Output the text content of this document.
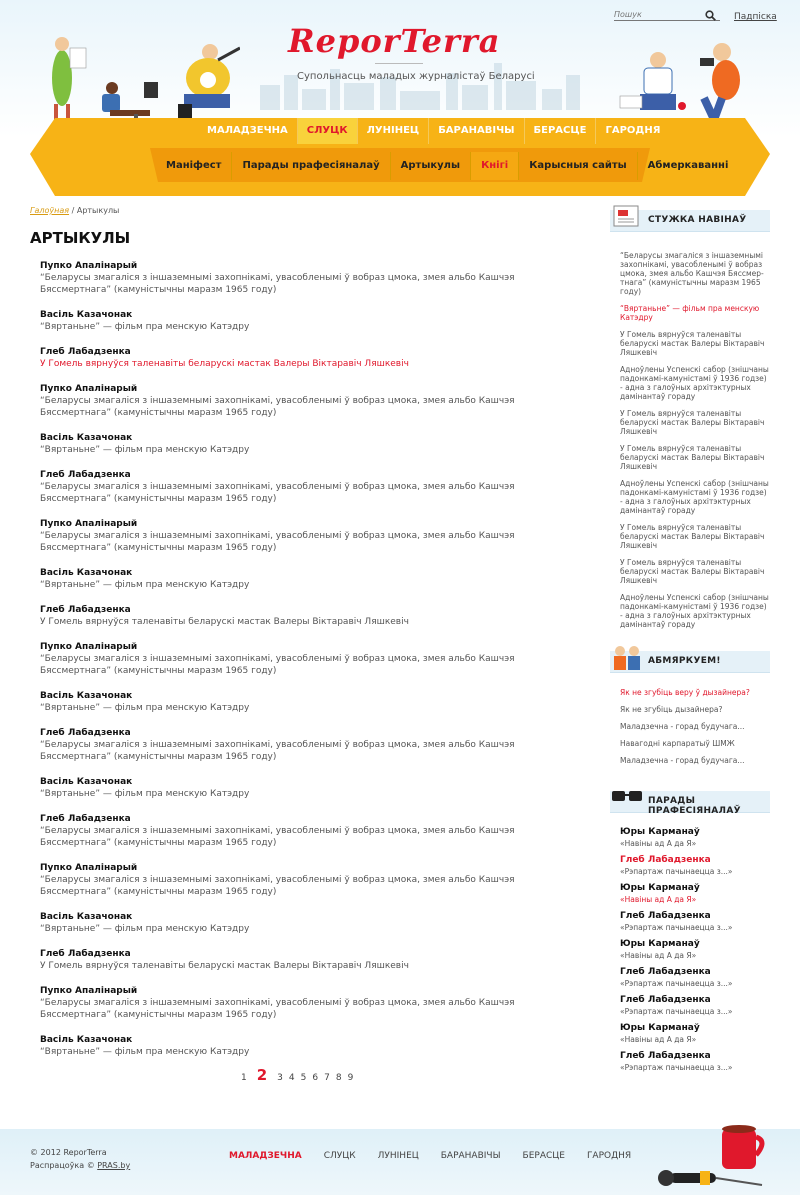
Пошук
Падпіска
ReporTerra
Супольнасць маладых журналістаў Беларусі
МАЛАДЗЕЧНА	СЛУЦК	ЛУНІНЕЦ	БАРАНАВІЧЫ	БЕРАСЦЕ	ГАРОДНЯ
Маніфест	Парады прафесіяналаў	Артыкулы	Кнігі	Карысныя сайты	Абмеркаванні
Галоўная / Артыкулы
АРТЫКУЛЫ
Пупко Апалінарый
“Беларусы змагаліся з іншаземнымі захопнікамі, увасобленымі ў вобраз цмока, змея альбо Кашчэя Бяссмертнага” (камуністычны маразм 1965 году)
Васіль Казачонак
“Вяртаньне” — фільм пра менскую Катэдру
Глеб Лабадзенка
У Гомель вярнуўся таленавіты беларускі мастак Валеры Віктаравіч Ляшкевіч
Пупко Апалінарый
“Беларусы змагаліся з іншаземнымі захопнікамі, увасобленымі ў вобраз цмока, змея альбо Кашчэя Бяссмертнага” (камуністычны маразм 1965 году)
Васіль Казачонак
“Вяртаньне” — фільм пра менскую Катэдру
Глеб Лабадзенка
“Беларусы змагаліся з іншаземнымі захопнікамі, увасобленымі ў вобраз цмока, змея альбо Кашчэя Бяссмертнага” (камуністычны маразм 1965 году)
Пупко Апалінарый
“Беларусы змагаліся з іншаземнымі захопнікамі, увасобленымі ў вобраз цмока, змея альбо Кашчэя Бяссмертнага” (камуністычны маразм 1965 году)
Васіль Казачонак
“Вяртаньне” — фільм пра менскую Катэдру
Глеб Лабадзенка
У Гомель вярнуўся таленавіты беларускі мастак Валеры Віктаравіч Ляшкевіч
Пупко Апалінарый
“Беларусы змагаліся з іншаземнымі захопнікамі, увасобленымі ў вобраз цмока, змея альбо Кашчэя Бяссмертнага” (камуністычны маразм 1965 году)
Васіль Казачонак
“Вяртаньне” — фільм пра менскую Катэдру
Глеб Лабадзенка
“Беларусы змагаліся з іншаземнымі захопнікамі, увасобленымі ў вобраз цмока, змея альбо Кашчэя Бяссмертнага” (камуністычны маразм 1965 году)
Васіль Казачонак
“Вяртаньне” — фільм пра менскую Катэдру
Глеб Лабадзенка
“Беларусы змагаліся з іншаземнымі захопнікамі, увасобленымі ў вобраз цмока, змея альбо Кашчэя Бяссмертнага” (камуністычны маразм 1965 году)
Пупко Апалінарый
“Беларусы змагаліся з іншаземнымі захопнікамі, увасобленымі ў вобраз цмока, змея альбо Кашчэя Бяссмертнага” (камуністычны маразм 1965 году)
Васіль Казачонак
“Вяртаньне” — фільм пра менскую Катэдру
Глеб Лабадзенка
У Гомель вярнуўся таленавіты беларускі мастак Валеры Віктаравіч Ляшкевіч
Пупко Апалінарый
“Беларусы змагаліся з іншаземнымі захопнікамі, увасобленымі ў вобраз цмока, змея альбо Кашчэя Бяссмертнага” (камуністычны маразм 1965 году)
Васіль Казачонак
“Вяртаньне” — фільм пра менскую Катэдру
1 2 3 4 5 6 7 8 9
СТУЖКА НАВІНАЎ
“Беларусы змагаліся з іншаземнымі захопнікамі, увасобленымі ў вобраз цмока, змея альбо Кашчэя Бяссмер- тнага” (камуністычны маразм 1965 году)
“Вяртаньне” — фільм пра менскую Катэдру
У Гомель вярнуўся таленавіты беларускі мастак Валеры Віктаравіч Ляшкевіч
Адноўлены Успенскі сабор (знішчаны падонкамі-камуністамі ў 1936 годзе) - адна з галоўных архітэктурных дамінантаў гораду
У Гомель вярнуўся таленавіты беларускі мастак Валеры Віктаравіч Ляшкевіч
У Гомель вярнуўся таленавіты беларускі мастак Валеры Віктаравіч Ляшкевіч
Адноўлены Успенскі сабор (знішчаны падонкамі-камуністамі ў 1936 годзе) - адна з галоўных архітэктурных дамінантаў гораду
У Гомель вярнуўся таленавіты беларускі мастак Валеры Віктаравіч Ляшкевіч
У Гомель вярнуўся таленавіты беларускі мастак Валеры Віктаравіч Ляшкевіч
Адноўлены Успенскі сабор (знішчаны падонкамі-камуністамі ў 1936 годзе) - адна з галоўных архітэктурных дамінантаў гораду
АБМЯРКУЕМ!
Як не згубіць веру ў дызайнера?
Як не згубіць дызайнера?
Маладзечна - горад будучага...
Навагодні карпаратыў ШМЖ
Маладзечна - горад будучага...
ПАРАДЫ ПРАФЕСІЯНАЛАЎ
Юры Карманаў
«Навіны ад А да Я»
Глеб Лабадзенка
«Рэпартаж пачынаецца з...»
Юры Карманаў
«Навіны ад А да Я»
Глеб Лабадзенка
«Рэпартаж пачынаецца з...»
Юры Карманаў
«Навіны ад А да Я»
Глеб Лабадзенка
«Рэпартаж пачынаецца з...»
Глеб Лабадзенка
«Рэпартаж пачынаецца з...»
Юры Карманаў
«Навіны ад А да Я»
Глеб Лабадзенка
«Рэпартаж пачынаецца з...»
© 2012 ReporTerra
Распрацоўка © PRAS.by
МАЛАДЗЕЧНА СЛУЦК ЛУНІНЕЦ БАРАНАВІЧЫ БЕРАСЦЕ ГАРОДНЯ
